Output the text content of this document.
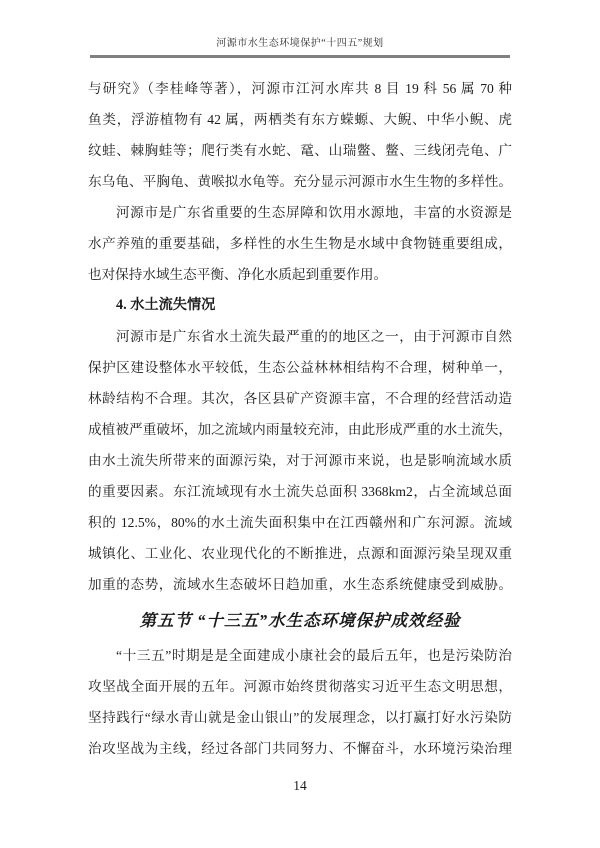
河源市水生态环境保护“十四五”规划
与研究》（李桂峰等著），河源市江河水库共 8 目 19 科 56 属 70 种
鱼类，浮游植物有 42 属，两栖类有东方蝾螈、大鲵、中华小鲵、虎
纹蛙、棘胸蛙等；爬行类有水蛇、鼋、山瑞鳖、鳖、三线闭壳龟、广
东乌龟、平胸龟、黄喉拟水龟等。充分显示河源市水生生物的多样性。
河源市是广东省重要的生态屏障和饮用水源地，丰富的水资源是
水产养殖的重要基础，多样性的水生生物是水域中食物链重要组成，
也对保持水域生态平衡、净化水质起到重要作用。
4. 水土流失情况
河源市是广东省水土流失最严重的的地区之一，由于河源市自然
保护区建设整体水平较低，生态公益林林相结构不合理，树种单一，
林龄结构不合理。其次，各区县矿产资源丰富，不合理的经营活动造
成植被严重破坏，加之流域内雨量较充沛，由此形成严重的水土流失，
由水土流失所带来的面源污染，对于河源市来说，也是影响流域水质
的重要因素。东江流域现有水土流失总面积 3368km2，占全流域总面
积的 12.5%，80%的水土流失面积集中在江西赣州和广东河源。流域
城镇化、工业化、农业现代化的不断推进，点源和面源污染呈现双重
加重的态势，流域水生态破坏日趋加重，水生态系统健康受到威胁。
第五节 “十三五”水生态环境保护成效经验
“十三五”时期是是全面建成小康社会的最后五年，也是污染防治
攻坚战全面开展的五年。河源市始终贯彻落实习近平生态文明思想，
坚持践行“绿水青山就是金山银山”的发展理念，以打赢打好水污染防
治攻坚战为主线，经过各部门共同努力、不懈奋斗，水环境污染治理
14
